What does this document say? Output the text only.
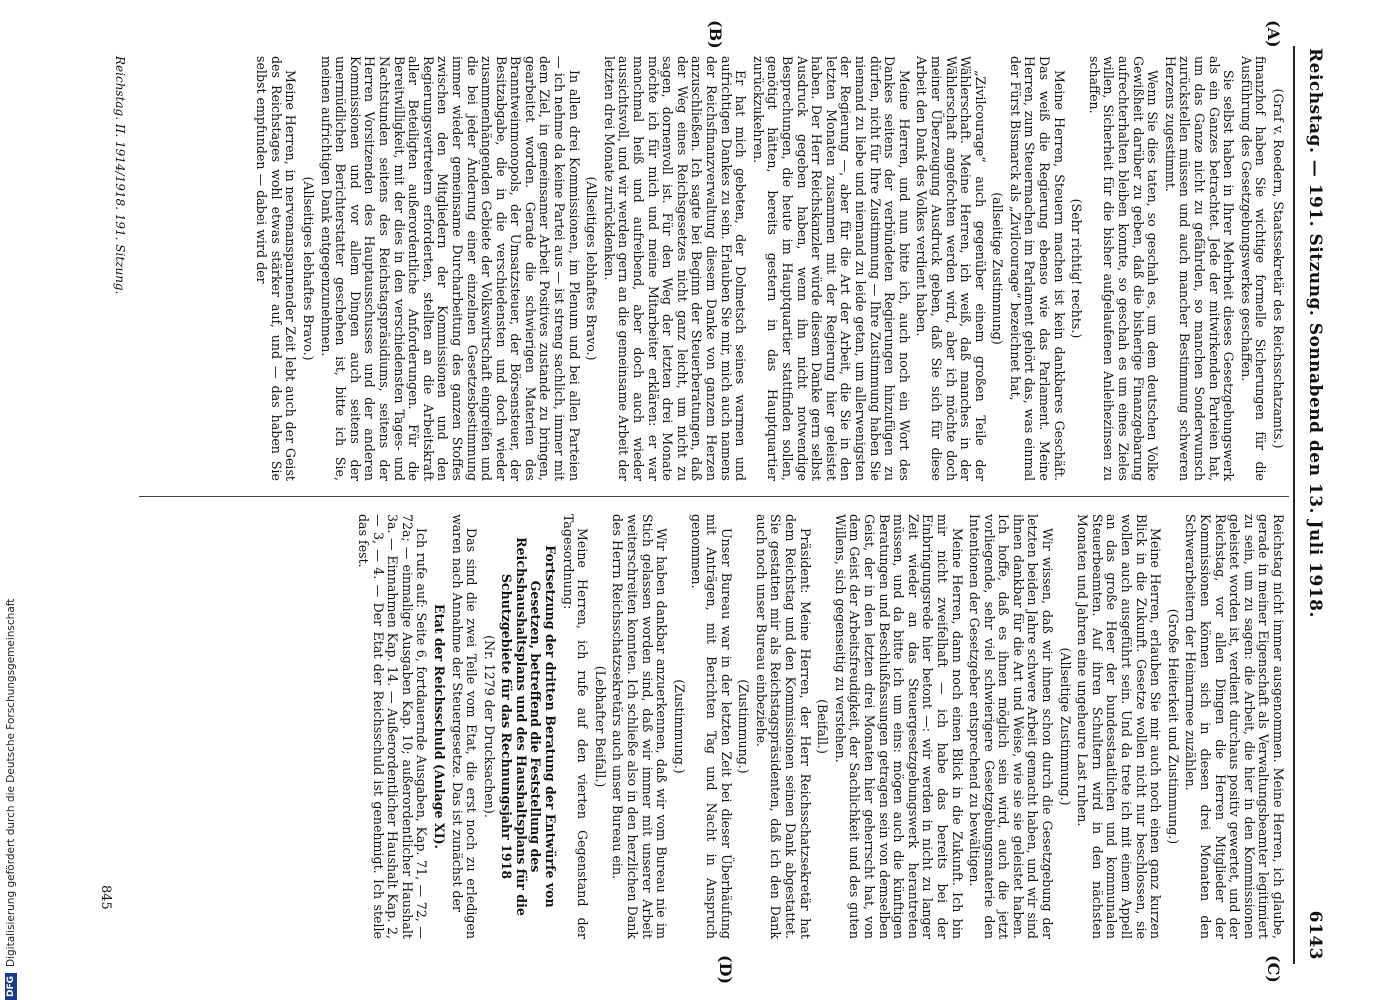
Reichstag. — 191. Sitzung. Sonnabend den 13. Juli 1918.
6143
(A)
(B)
(C)
(D)

(Graf v. Roedern, Staatssekretär des Reichsschatzamts.)

finanzhof haben Sie wichtige formelle Sicherungen für die Ausführung des Gesetzgebungswerkes geschaffen.

Sie selbst haben in Ihrer Mehrheit dieses Gesetzgebungswerk als ein Ganzes betrachtet. Jede der mitwirkenden Parteien hat, um das Ganze nicht zu gefährden, so manchen Sonderwunsch zurückstellen müssen und auch mancher Bestimmung schweren Herzens zugestimmt.

Wenn Sie dies taten, so geschah es, um dem deutschen Volke Gewißheit darüber zu geben, daß die bisherige Finanzgebarung aufrechterhalten bleiben konnte, so geschah es um eines Zieles willen, Sicherheit für die bisher aufgelaufenen Anleihezinsen zu schaffen.

(Sehr richtig! rechts.)

Meine Herren, Steuern machen ist kein dankbares Geschäft. Das weiß die Regierung ebenso wie das Parlament. Meine Herren, zum Steuermachen im Parlament gehört das, was einmal der Fürst Bismarck als „Zivilcourage“ bezeichnet hat,

(allseitige Zustimmung)

„Zivilcourage“ auch gegenüber einem großen Teile der Wählerschaft. Meine Herren, ich weiß, daß manches in der Wählerschaft angefochten werden wird, aber ich möchte doch meiner Überzeugung Ausdruck geben, daß Sie sich für diese Arbeit den Dank des Volkes verdient haben.

Meine Herren, und nun bitte ich, auch noch ein Wort des Dankes seitens der verbündeten Regierungen hinzufügen zu dürfen, nicht für Ihre Zustimmung — Ihre Zustimmung haben Sie niemand zu liebe und niemand zu leide getan, um allerwenigsten der Regierung —, aber für die Art der Arbeit, die Sie in den letzten Monaten zusammen mit der Regierung hier geleistet haben. Der Herr Reichskanzler würde diesem Danke gern selbst Ausdruck gegeben haben, wenn ihn nicht notwendige Besprechungen, die heute im Hauptquartier stattfinden sollen, genötigt hätten, bereits gestern in das Hauptquartier zurückzukehren.

Er hat mich gebeten, der Dolmetsch seines warmen und aufrichtigen Dankes zu sein. Erlauben Sie mir, mich auch namens der Reichsfinanzverwaltung diesem Danke von ganzem Herzen anzuschließen. Ich sagte bei Beginn der Steuerberatungen, daß der Weg eines Reichsgesetzes nicht ganz leicht, um nicht zu sagen, dornenvoll ist. Für den Weg der letzten drei Monate möchte ich für mich und meine Mitarbeiter erklären: er war manchmal heiß und aufreibend, aber doch auch wieder aussichtsvoll, und wir werden gern an die gemeinsame Arbeit der letzten drei Monate zurückdenken.

(Allseitiges lebhaftes Bravo.)

In allen drei Kommissionen, im Plenum und bei allen Parteien — ich nehme da keine Partei aus — ist streng sachlich, immer mit dem Ziel, in gemeinsamer Arbeit Positives zustande zu bringen, gearbeitet worden. Gerade die schwierigen Materien des Branntweinmonopols, der Umsatzsteuer, der Börsensteuer, der Besitzabgabe, die in die verschiedensten und doch wieder zusammenhängenden Gebiete der Volkswirtschaft eingreifen und die bei jeder Änderung einer einzelnen Gesetzesbestimmung immer wieder gemeinsame Durcharbeitung des ganzen Stoffes zwischen den Mitgliedern der Kommissionen und den Regierungsvertretern erforderten, stellten an die Arbeitskraft aller Beteiligten außerordentliche Anforderungen. Für die Bereitwilligkeit, mit der dies in den verschiedensten Tages- und Nachtstunden seitens des Reichstagspräsidiums, seitens der Herren Vorsitzenden des Hauptausschusses und der anderen Kommissionen und vor allem Dingen auch seitens der unermüdlichen Berichterstatter geschehen ist, bitte ich Sie, meinen aufrichtigen Dank entgegenzunehmen.

(Allseitiges lebhaftes Bravo.)

Meine Herren, in nervenanspannender Zeit lebt auch der Geist des Reichstages wohl etwas stärker auf, und — das haben Sie selbst empfunden — dabei wird der

Reichstag nicht immer ausgenommen. Meine Herren, ich glaube, gerade in meiner Eigenschaft als Verwaltungsbeamter legitimiert zu sein, um zu sagen: die Arbeit, die hier in den Kommissionen geleistet worden ist, verdient durchaus positiv gewertet, und der Reichstag, vor allen Dingen die Herren Mitglieder der Kommissionen können sich in diesen drei Monaten den Schwerarbeitern der Heimarmee zuzählen.

(Große Heiterkeit und Zustimmung.)

Meine Herren, erlauben Sie mir auch noch einen ganz kurzen Blick in die Zukunft. Gesetze wollen nicht nur beschlossen, sie wollen auch ausgeführt sein. Und da trete ich mit einem Appell an das große Heer der bundesstaatlichen und kommunalen Steuerbeamten. Auf ihren Schultern wird in den nächsten Monaten und Jahren eine ungeheure Last ruhen.

(Allseitige Zustimmung.)

Wir wissen, daß wir ihnen schon durch die Gesetzgebung der letzten beiden Jahre schwere Arbeit gemacht haben, und wir sind ihnen dankbar für die Art und Weise, wie sie sie geleistet haben. Ich hoffe, daß es ihnen möglich sein wird, auch die jetzt vorliegende, sehr viel schwierigere Gesetzgebungsmaterie den Intentionen der Gesetzgeber entsprechend zu bewältigen.

Meine Herren, dann noch einen Blick in die Zukunft. Ich bin mir nicht zweifelhaft — ich habe das bereits bei der Einbringungsrede hier betont —: wir werden in nicht zu langer Zeit wieder an das Steuergesetzgebungswerk herantreten müssen, und da bitte ich um eins: mögen auch die künftigen Beratungen und Beschlußfassungen getragen sein von demselben Geist, der in den letzten drei Monaten hier geherrscht hat, von dem Geist der Arbeitsfreudigkeit, der Sachlichkeit und des guten Willens, sich gegenseitig zu verstehen.

(Beifall.)

Präsident: Meine Herren, der Herr Reichsschatzsekretär hat dem Reichstag und den Kommissionen seinen Dank abgestattet. Sie gestatten mir als Reichstagspräsidenten, daß ich den Dank auch noch unser Bureau einbeziehe.

(Zustimmung.)

Unser Bureau war in der letzten Zeit bei dieser Überhäufung mit Anträgen, mit Berichten Tag und Nacht in Anspruch genommen.

(Zustimmung.)

Wir haben dankbar anzuerkennen, daß wir vom Bureau nie im Stich gelassen worden sind, daß wir immer mit unserer Arbeit weiterschreiten konnten. Ich schließe also in den herzlichen Dank des Herrn Reichsschatzsekretärs auch unser Bureau ein.

(Lebhafter Beifall.)

Meine Herren, ich rufe auf den vierten Gegenstand der Tagesordnung:

Fortsetzung der dritten Beratung der Entwürfe von Gesetzen, betreffend die Feststellung des Reichshaushaltsplans und des Haushaltsplans für die Schutzgebiete für das Rechnungsjahr 1918

(Nr. 1279 der Drucksachen).

Das sind die zwei Teile vom Etat, die erst noch zu erledigen waren nach Annahme der Steuergesetze. Das ist zunächst der

Etat der Reichsschuld (Anlage XI).

Ich rufe auf: Seite 6, fortdauernde Ausgaben, Kap. 71, — 72, — 72a; — einmalige Ausgaben Kap. 10; außerordentlicher Haushalt 3a. — Einnahmen Kap. 14. — Außerordentlicher Haushalt Kap. 2, — 3, — 4. — Der Etat der Reichsschuld ist genehmigt. Ich stelle das fest.

Reichstag. II. 1914/1918. 191. Sitzung.
845
DFG
Digitalisierung gefördert durch die Deutsche Forschungsgemeinschaft
